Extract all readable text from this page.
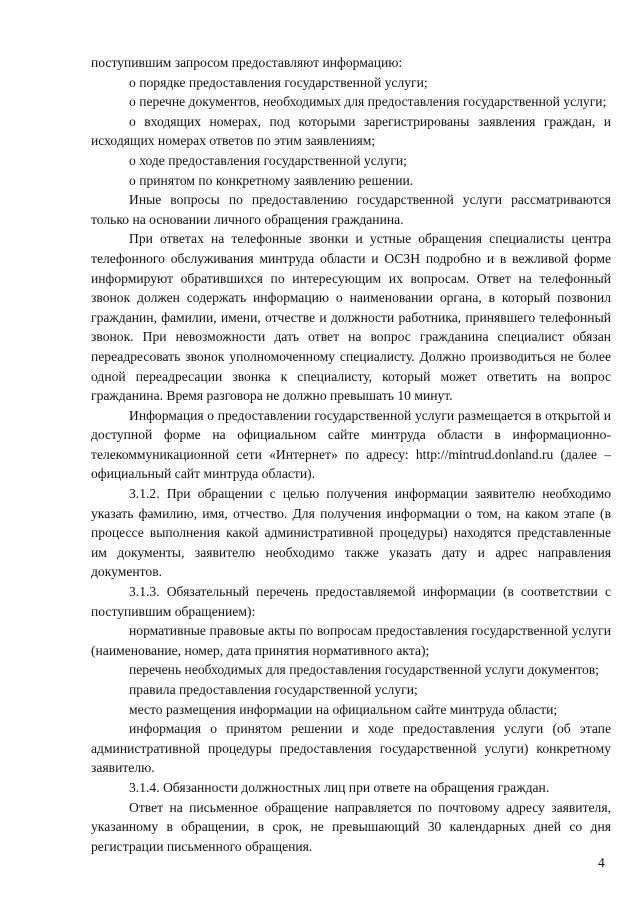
поступившим запросом предоставляют информацию:

о порядке предоставления государственной услуги;

о перечне документов, необходимых для предоставления государственной услуги;

о входящих номерах, под которыми зарегистрированы заявления граждан, и исходящих номерах ответов по этим заявлениям;

о ходе предоставления государственной услуги;

о принятом по конкретному заявлению решении.

Иные вопросы по предоставлению государственной услуги рассматриваются только на основании личного обращения гражданина.

При ответах на телефонные звонки и устные обращения специалисты центра телефонного обслуживания минтруда области и ОСЗН подробно и в вежливой форме информируют обратившихся по интересующим их вопросам. Ответ на телефонный звонок должен содержать информацию о наименовании органа, в который позвонил гражданин, фамилии, имени, отчестве и должности работника, принявшего телефонный звонок. При невозможности дать ответ на вопрос гражданина специалист обязан переадресовать звонок уполномоченному специалисту. Должно производиться не более одной переадресации звонка к специалисту, который может ответить на вопрос гражданина. Время разговора не должно превышать 10 минут.

Информация о предоставлении государственной услуги размещается в открытой и доступной форме на официальном сайте минтруда области в информационно-телекоммуникационной сети «Интернет» по адресу: http://mintrud.donland.ru (далее – официальный сайт минтруда области).

3.1.2. При обращении с целью получения информации заявителю необходимо указать фамилию, имя, отчество. Для получения информации о том, на каком этапе (в процессе выполнения какой административной процедуры) находятся представленные им документы, заявителю необходимо также указать дату и адрес направления документов.

3.1.3. Обязательный перечень предоставляемой информации (в соответствии с поступившим обращением):

нормативные правовые акты по вопросам предоставления государственной услуги (наименование, номер, дата принятия нормативного акта);

перечень необходимых для предоставления государственной услуги документов;

правила предоставления государственной услуги;

место размещения информации на официальном сайте минтруда области;

информация о принятом решении и ходе предоставления услуги (об этапе административной процедуры предоставления государственной услуги) конкретному заявителю.

3.1.4. Обязанности должностных лиц при ответе на обращения граждан.

Ответ на письменное обращение направляется по почтовому адресу заявителя, указанному в обращении, в срок, не превышающий 30 календарных дней со дня регистрации письменного обращения.

4
